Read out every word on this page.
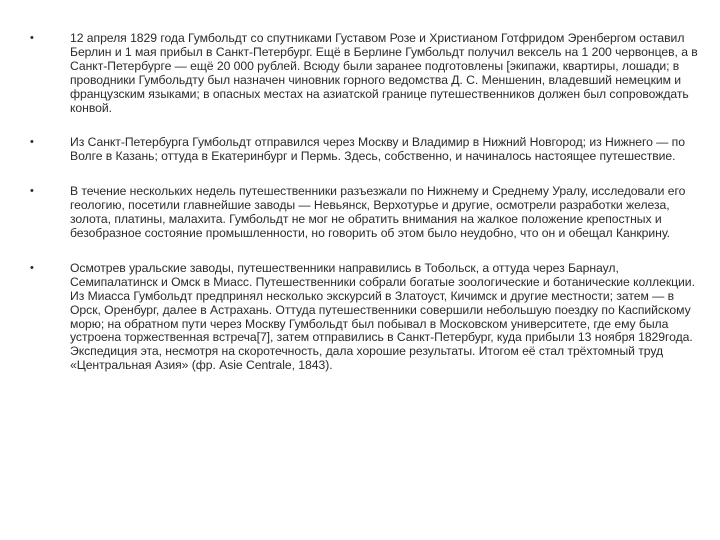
•	12 апреля 1829 года Гумбольдт со спутниками Густавом Розе и Христианом Готфридом Эренбергом оставил Берлин и 1 мая прибыл в Санкт-Петербург. Ещё в Берлине Гумбольдт получил вексель на 1 200 червонцев, а в Санкт-Петербурге — ещё 20 000 рублей. Всюду были заранее подготовлены [экипажи, квартиры, лошади; в проводники Гумбольдту был назначен чиновник горного ведомства Д. С. Меншенин, владевший немецким и французским языками; в опасных местах на азиатской границе путешественников должен был сопровождать конвой.
•	Из Санкт-Петербурга Гумбольдт отправился через Москву и Владимир в Нижний Новгород; из Нижнего — по Волге в Казань; оттуда в Екатеринбург и Пермь. Здесь, собственно, и начиналось настоящее путешествие.
•	В течение нескольких недель путешественники разъезжали по Нижнему и Среднему Уралу, исследовали его геологию, посетили главнейшие заводы — Невьянск, Верхотурье и другие, осмотрели разработки железа, золота, платины, малахита. Гумбольдт не мог не обратить внимания на жалкое положение крепостных и безобразное состояние промышленности, но говорить об этом было неудобно, что он и обещал Канкрину.
•	Осмотрев уральские заводы, путешественники направились в Тобольск, а оттуда через Барнаул, Семипалатинск и Омск в Миасс. Путешественники собрали богатые зоологические и ботанические коллекции. Из Миасса Гумбольдт предпринял несколько экскурсий в Златоуст, Кичимск и другие местности; затем — в Орск, Оренбург, далее в Астрахань. Оттуда путешественники совершили небольшую поездку по Каспийскому морю; на обратном пути через Москву Гумбольдт был побывал в Московском университете, где ему была устроена торжественная встреча[7], затем отправились в Санкт-Петербург, куда прибыли 13 ноября 1829года. Экспедиция эта, несмотря на скоротечность, дала хорошие результаты. Итогом её стал трёхтомный труд «Центральная Азия» (фр. Asie Centrale, 1843).
